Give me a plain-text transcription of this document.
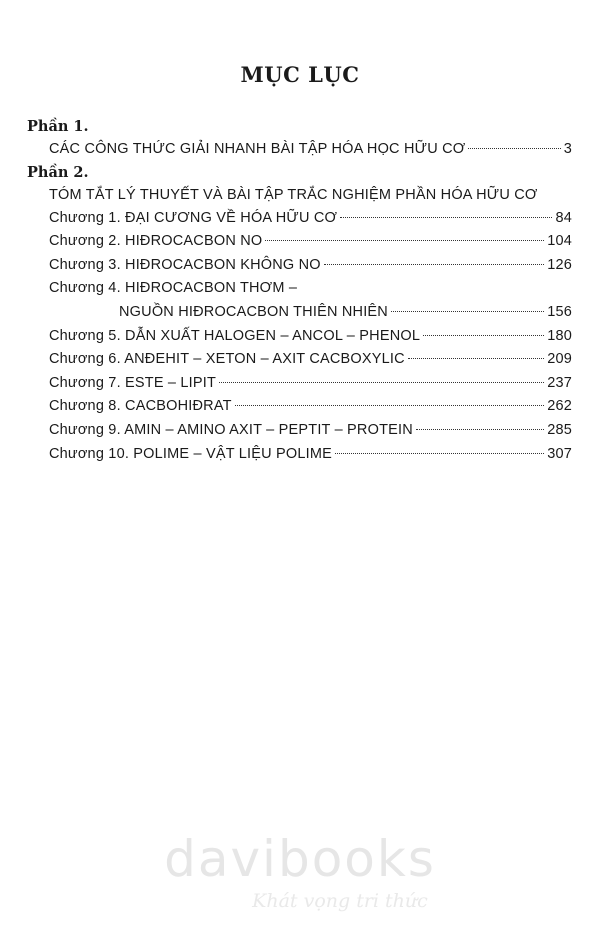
MỤC LỤC
Phần 1.
CÁC CÔNG THỨC GIẢI NHANH BÀI TẬP HÓA HỌC HỮU CƠ	3
Phần 2.
TÓM TẮT LÝ THUYẾT VÀ BÀI TẬP TRẮC NGHIỆM PHẦN HÓA HỮU CƠ
Chương 1. ĐẠI CƯƠNG VỀ HÓA HỮU CƠ	84
Chương 2. HIĐROCACBON NO	104
Chương 3. HIĐROCACBON KHÔNG NO	126
Chương 4. HIĐROCACBON THƠM –
NGUỒN HIĐROCACBON THIÊN NHIÊN	156
Chương 5. DẪN XUẤT HALOGEN – ANCOL – PHENOL	180
Chương 6. ANĐEHIT – XETON – AXIT CACBOXYLIC	209
Chương 7. ESTE – LIPIT	237
Chương 8. CACBOHIĐRAT	262
Chương 9. AMIN – AMINO AXIT – PEPTIT – PROTEIN	285
Chương 10. POLIME – VẬT LIỆU POLIME	307
davibooks
Khát vọng tri thức
